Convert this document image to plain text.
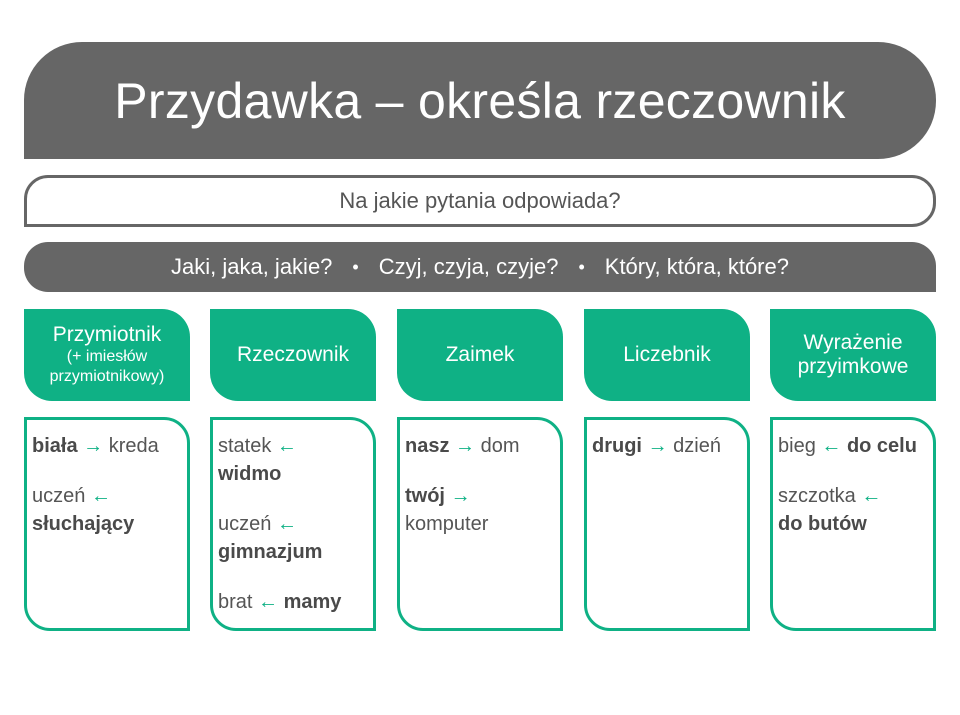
Przydawka – określa rzeczownik
Na jakie pytania odpowiada?
Jaki, jaka, jakie? • Czyj, czyja, czyje? • Który, która, które?
Przymiotnik
(+ imiesłów
przymiotnikowy)
biała → kreda
uczeń ← słuchający
Rzeczownik
statek ←
widmo
uczeń ←
gimnazjum
brat ← mamy
Zaimek
nasz → dom
twój →
komputer
Liczebnik
drugi → dzień
Wyrażenie
przyimkowe
bieg ← do celu
szczotka ←
do butów
